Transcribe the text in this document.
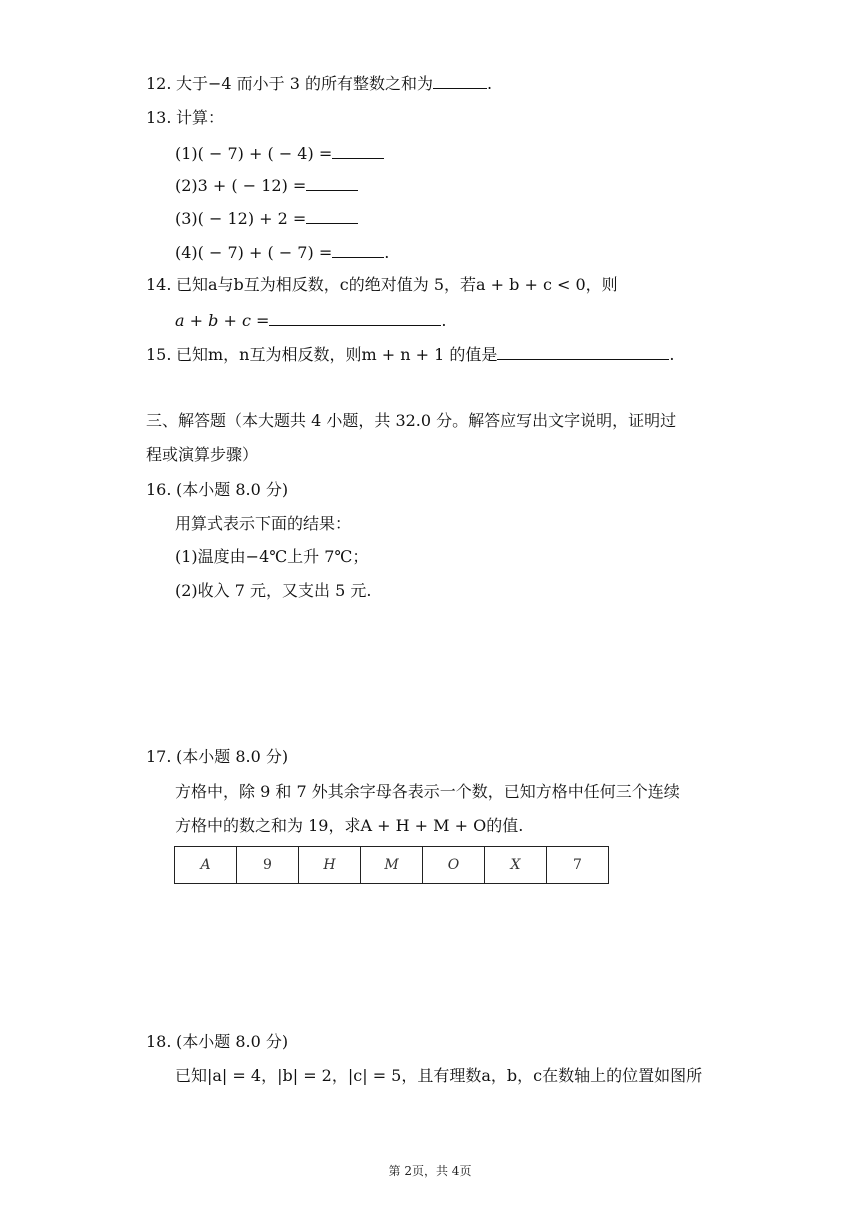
12. 大于−4 而小于 3 的所有整数之和为	.
13. 计算：
(1)( − 7) + ( − 4) =
(2)3 + ( − 12) =
(3)( − 12) + 2 =
(4)( − 7) + ( − 7) =	.
14. 已知a与b互为相反数，c的绝对值为 5，若a + b + c < 0，则
a + b + c =	.
15. 已知m，n互为相反数，则m + n + 1 的值是	.
三、解答题（本大题共 4 小题，共 32.0 分。解答应写出文字说明，证明过
程或演算步骤）
16. (本小题 8.0 分)
用算式表示下面的结果：
(1)温度由−4℃上升 7℃；
(2)收入 7 元，又支出 5 元.
17. (本小题 8.0 分)
方格中，除 9 和 7 外其余字母各表示一个数，已知方格中任何三个连续
方格中的数之和为 19，求A + H + M + O的值.
A	9	H	M	O	X	7
18. (本小题 8.0 分)
已知|a| = 4，|b| = 2，|c| = 5，且有理数a，b，c在数轴上的位置如图所
第 2页，共 4页
